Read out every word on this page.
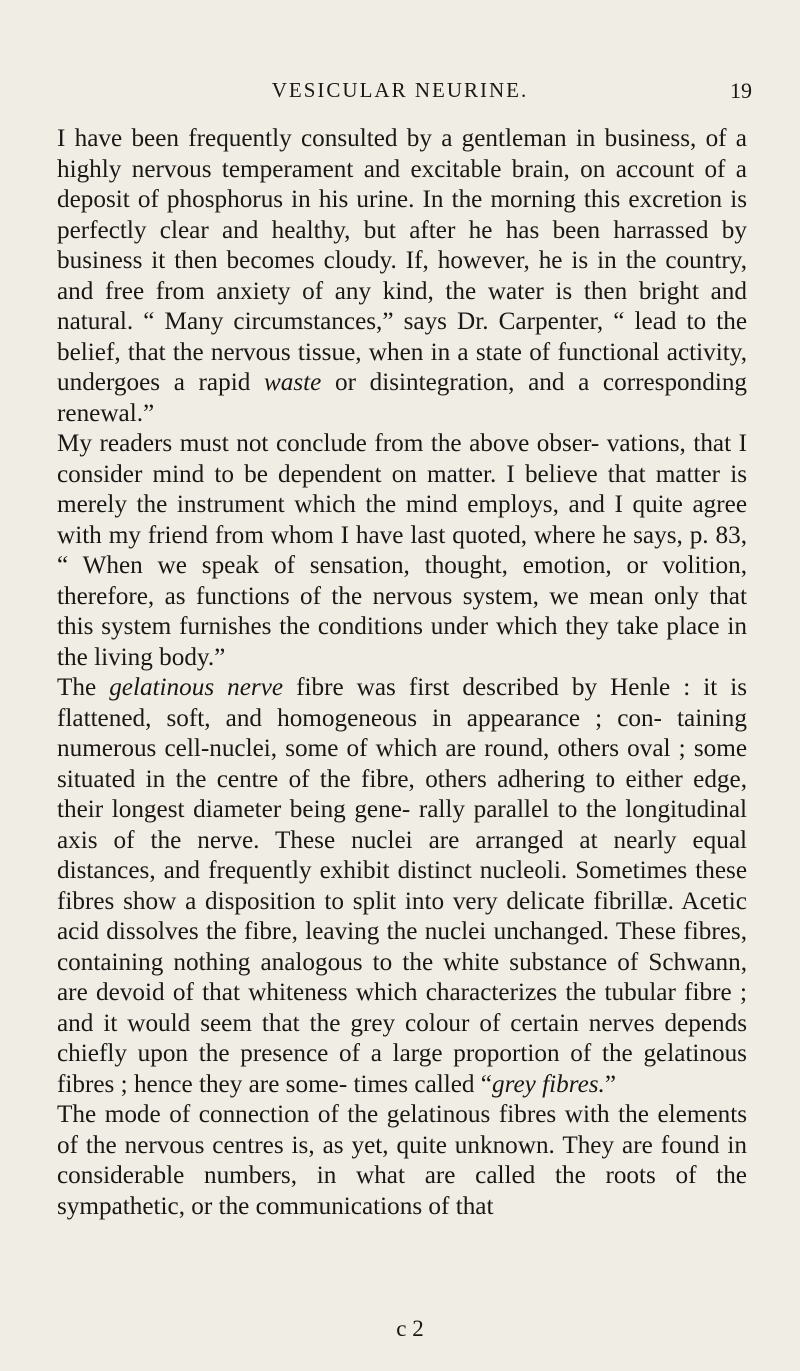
VESICULAR NEURINE.	19

I have been frequently consulted by a gentleman in business, of a highly nervous temperament and excitable brain, on account of a deposit of phosphorus in his urine. In the morning this excretion is perfectly clear and healthy, but after he has been harrassed by business it then becomes cloudy. If, however, he is in the country, and free from anxiety of any kind, the water is then bright and natural. “ Many circumstances,” says Dr. Carpenter, “ lead to the belief, that the nervous tissue, when in a state of functional activity, undergoes a rapid waste or disintegration, and a corresponding renewal.”

My readers must not conclude from the above obser- vations, that I consider mind to be dependent on matter. I believe that matter is merely the instrument which the mind employs, and I quite agree with my friend from whom I have last quoted, where he says, p. 83, “ When we speak of sensation, thought, emotion, or volition, therefore, as functions of the nervous system, we mean only that this system furnishes the conditions under which they take place in the living body.”

The gelatinous nerve fibre was first described by Henle : it is flattened, soft, and homogeneous in appearance ; con- taining numerous cell-nuclei, some of which are round, others oval ; some situated in the centre of the fibre, others adhering to either edge, their longest diameter being gene- rally parallel to the longitudinal axis of the nerve. These nuclei are arranged at nearly equal distances, and frequently exhibit distinct nucleoli. Sometimes these fibres show a disposition to split into very delicate fibrillæ. Acetic acid dissolves the fibre, leaving the nuclei unchanged. These fibres, containing nothing analogous to the white substance of Schwann, are devoid of that whiteness which characterizes the tubular fibre ; and it would seem that the grey colour of certain nerves depends chiefly upon the presence of a large proportion of the gelatinous fibres ; hence they are some- times called “grey fibres.”

The mode of connection of the gelatinous fibres with the elements of the nervous centres is, as yet, quite unknown. They are found in considerable numbers, in what are called the roots of the sympathetic, or the communications of that

c 2
